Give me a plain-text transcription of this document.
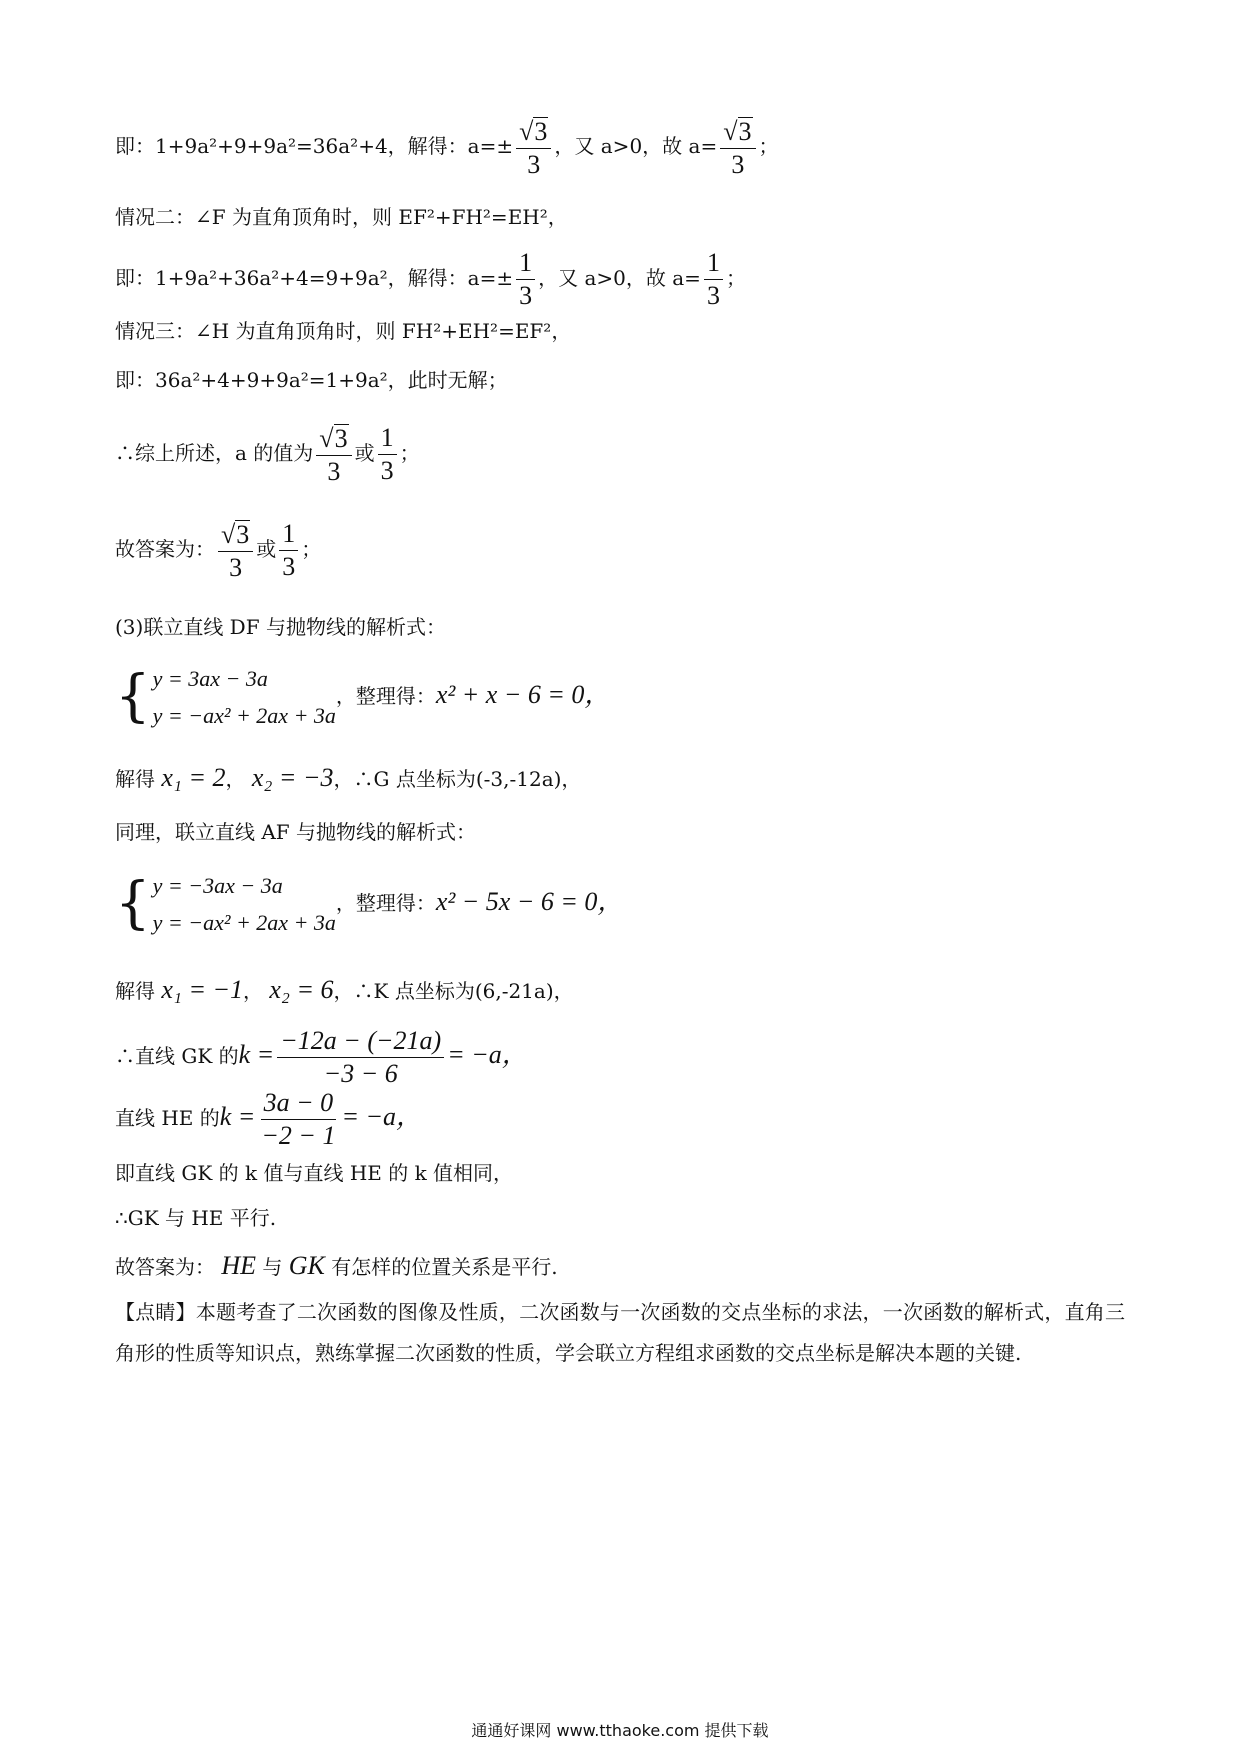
即：1+9a²+9+9a²=36a²+4，解得：$a=\pm \frac{√ 3}{3}$ ，又 a>0，故 $a= \frac{√ 3}{3}$ ；
情况二：∠F 为直角顶角时，则 EF²+FH²=EH²，
即：1+9a²+36a²+4=9+9a²，解得：$a=\pm \frac{1}{3}$ ，又 a>0，故 $a= \frac{1}{3}$ ；
情况三：∠H 为直角顶角时，则 FH²+EH²=EF²，
即：36a²+4+9+9a²=1+9a²，此时无解；
∴综上所述，a 的值为 $\frac{√ 3}{3}$ 或 $\frac{1}{3}$ ；
故答案为： $\frac{√ 3}{3}$ 或 $\frac{1}{3}$ ；
(3)联立直线 DF 与抛物线的解析式：
{ y = 3ax − 3a
y = −ax² + 2ax + 3a
，整理得：x² + x − 6 = 0，
解得 x₁ = 2， x₂ = −3，∴G 点坐标为(-3,-12a)，
同理，联立直线 AF 与抛物线的解析式：
{ y = −3ax − 3a
y = −ax² + 2ax + 3a
，整理得：x² − 5x − 6 = 0，
解得 x₁ = −1， x₂ = 6，∴K 点坐标为(6,-21a)，
∴直线 GK 的$k = \frac{-12a - (-21a)}{-3 - 6} = -a$，
直线 HE 的$k = \frac{3a - 0}{-2 - 1} = -a$，
即直线 GK 的 k 值与直线 HE 的 k 值相同，
∴GK 与 HE 平行.
故答案为： HE 与 GK 有怎样的位置关系是平行.
【点睛】本题考查了二次函数的图像及性质，二次函数与一次函数的交点坐标的求法，一次函数的解析式，直角三角形的性质等知识点，熟练掌握二次函数的性质，学会联立方程组求函数的交点坐标是解决本题的关键.
通通好课网 www.tthaoke.com 提供下载
